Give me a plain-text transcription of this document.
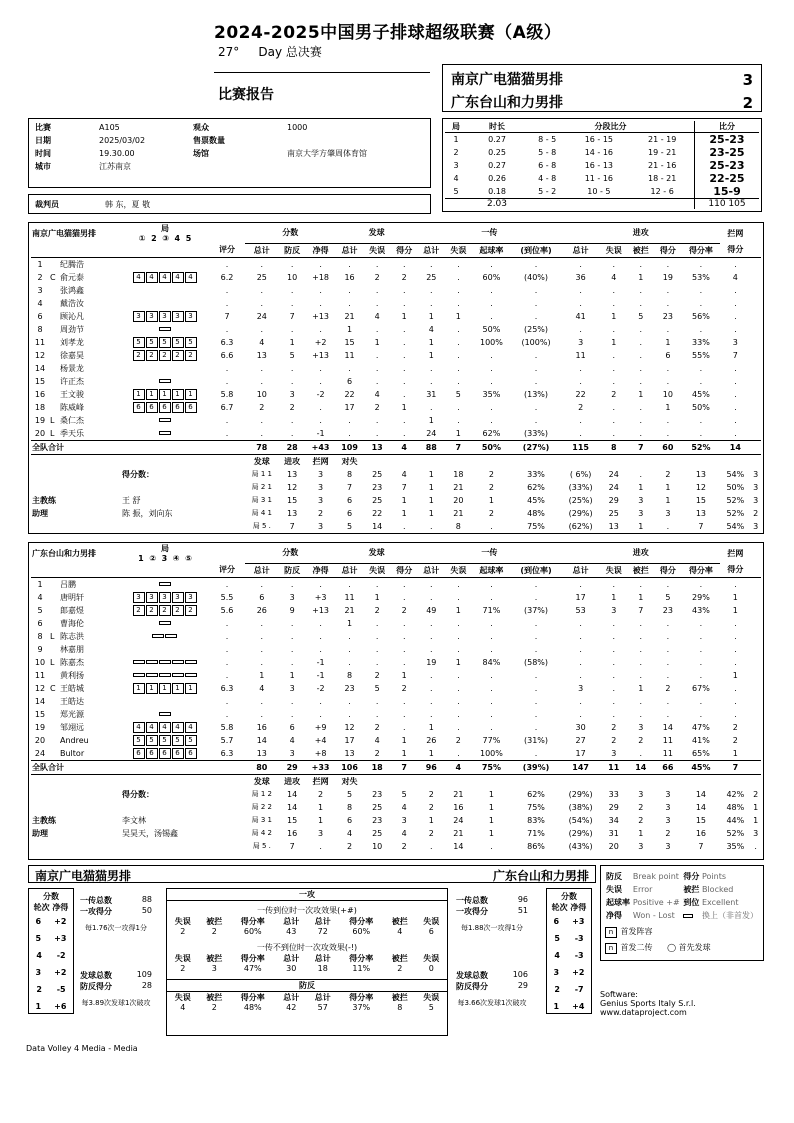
2024-2025中国男子排球超级联赛（A级）
27° Day 总决赛
比赛报告
南京广电猫猫男排	3
广东台山和力男排	2
比赛	A105	观众	1000
日期	2025/03/02	售票数量	
时间	19.30.00	场馆	南京大学方肇周体育馆
城市	江苏南京		
裁判员	韩 东，夏 敬
局	时长	分段比分			比分
1	0.27	8 - 5	16 - 15	21 - 19	25-23
2	0.25	5 - 8	14 - 16	19 - 21	23-25
3	0.27	6 - 8	16 - 13	21 - 16	25-23
4	0.26	4 - 8	11 - 16	18 - 21	22-25
5	0.18	5 - 2	10 - 5	12 - 6	15-9
	2.03				110 105
南京广电猫猫男排		局
①  2  ③  4  5		分数			发球			一传				进攻					拦网	
			评分	总计	防反	净得	总计	失误	得分	总计	失误	起球率	(到位率)	总计	失误	被拦	得分	得分率	得分	
1	纪腾浩		.	.	.	.	.	.	.	.	.	.	.	.	.	.	.	.	.	
2	C 俞元泰	4 4 4 4 4	6.2	25	10	+18	16	2	2	25	.	60%	(40%)	36	4	1	19	53%	4	
3	张鸿鑫		.	.	.	.	.	.	.	.	.	.	.	.	.	.	.	.	.	
4	戴浩汝		.	.	.	.	.	.	.	.	.	.	.	.	.	.	.	.	.	
6	顾沁凡	3 3 3 3 3	7	24	7	+13	21	4	1	1	1	.	.	41	1	5	23	56%	.	
8	周劲节		.	.	.	.	1	.	.	4	.	50%	(25%)	.	.	.	.	.	.	
11	刘孝龙	5 5 5 5 5	6.3	4	1	+2	15	1	.	1	.	100%	(100%)	3	1	.	1	33%	3	
12	徐嘉昊	2 2 2 2 2	6.6	13	5	+13	11	.	.	1	.	.	.	11	.	.	6	55%	7	
14	杨景龙		.	.	.	.	.	.	.	.	.	.	.	.	.	.	.	.	.	
15	许正杰		.	.	.	.	6	.	.	.	.	.	.	.	.	.	.	.	.	
16	王文骏	1 1 1 1 1	5.8	10	3	-2	22	4	.	31	5	35%	(13%)	22	2	1	10	45%	.	
18	陈威峰	6 6 6 6 6	6.7	2	2	.	17	2	1	.	.	.	.	2	.	.	1	50%	.	
19	L 桑仁杰		.	.	.	.	.	.	.	1	.	.	.	.	.	.	.	.	.	
20	L 季天乐		.	.	.	-1	.	.	.	24	1	62%	(33%)	.	.	.	.	.	.	
全队合计				78	28	+43	109	13	4	88	7	50%	(27%)	115	8	7	60	52%	14	
				发球	进攻	拦网	对失													
		得分数：		局 1 1	13	3	8	25	4	1	18	2	33%	( 6%)	24	.	2	13	54%	3
				局 2 1	12	3	7	23	7	1	21	2	62%	(33%)	24	1	1	12	50%	3
主教练		王 舒		局 3 1	15	3	6	25	1	1	20	1	45%	(25%)	29	3	1	15	52%	3
助理		陈 振，刘向东		局 4 1	13	2	6	22	1	1	21	2	48%	(29%)	25	3	3	13	52%	2
				局 5 .	7	3	5	14	.	.	8	.	75%	(62%)	13	1	.	7	54%	3
广东台山和力男排		局
1  ②  3  ④  ⑤		分数			发球			一传				进攻					拦网	
			评分	总计	防反	净得	总计	失误	得分	总计	失误	起球率	(到位率)	总计	失误	被拦	得分	得分率	得分	
1	吕鹏		.	.	.	.	.	.	.	.	.	.	.	.	.	.	.	.	.	
4	唐明轩	3 3 3 3 3	5.5	6	3	+3	11	1	.	.	.	.	.	17	1	1	5	29%	1	
5	郎嘉煜	2 2 2 2 2	5.6	26	9	+13	21	2	2	49	1	71%	(37%)	53	3	7	23	43%	1	
6	曹海伦		.	.	.	.	1	.	.	.	.	.	.	.	.	.	.	.	.	
8	L 陈志洪		.	.	.	.	.	.	.	.	.	.	.	.	.	.	.	.	.	
9	林嘉朋		.	.	.	.	.	.	.	.	.	.	.	.	.	.	.	.	.	
10	L 陈嘉杰		.	.	.	-1	.	.	.	19	1	84%	(58%)	.	.	.	.	.	.	
11	黄利扬		.	1	1	-1	8	2	1	.	.	.	.	.	.	.	.	.	1	
12	C 王皓城	1 1 1 1 1	6.3	4	3	-2	23	5	2	.	.	.	.	3	.	1	2	67%	.	
14	王皓达		.	.	.	.	.	.	.	.	.	.	.	.	.	.	.	.	.	
15	郑光源		.	.	.	.	.	.	.	.	.	.	.	.	.	.	.	.	.	
19	邹翊远	4 4 4 4 4	5.8	16	6	+9	12	2	.	1	.	.	.	30	2	3	14	47%	2	
20	Andreu	5 5 5 5 5	5.7	14	4	+4	17	4	1	26	2	77%	(31%)	27	2	2	11	41%	2	
24	Bultor	6 6 6 6 6	6.3	13	3	+8	13	2	1	1	.	100%	.	17	3	.	11	65%	1	
全队合计				80	29	+33	106	18	7	96	4	75%	(39%)	147	11	14	66	45%	7	
				发球	进攻	拦网	对失													
		得分数：		局 1 2	14	2	5	23	5	2	21	1	62%	(29%)	33	3	3	14	42%	2
				局 2 2	14	1	8	25	4	2	16	1	75%	(38%)	29	2	3	14	48%	1
主教练		李文林		局 3 1	15	1	6	23	3	1	24	1	83%	(54%)	34	2	3	15	44%	1
助理		吴昊天，汤锡鑫		局 4 2	16	3	4	25	4	2	21	1	71%	(29%)	31	1	2	16	52%	3
				局 5 .	7	.	2	10	2	.	14	.	86%	(43%)	20	3	3	7	35%	.
南京广电猫猫男排	广东台山和力男排
分数
轮次 净得
6 +2
5 +3
4 -2
3 +2
2 -5
1 +6
一传总数	88
一攻得分	50
每1.76次一攻得1分
发球总数	109
防反得分	28
每3.89次发球1次破攻
一攻
一传到位时一次攻效果(+#)
失误	被拦	得分率	总计	总计	得分率	被拦	失误
2	2	60%	43	72	60%	4	6
一传不到位时一次攻效果(-!)
失误	被拦	得分率	总计	总计	得分率	被拦	失误
2	3	47%	30	18	11%	2	0
防反
失误	被拦	得分率	总计	总计	得分率	被拦	失误
4	2	48%	42	57	37%	8	5
一传总数	96
一攻得分	51
每1.88次一攻得1分
发球总数	106
防反得分	29
每3.66次发球1次破攻
分数
轮次 净得
6 +3
5 -3
4 -3
3 +2
2 -7
1 +4
防反	Break point	得分	Points
失误	Error	被拦	Blocked
起球率	Positive +#	到位	Excellent
净得	Won - Lost		换上（非首发）
n 首发阵容
n 首发二传 ◯ 首先发球
Software:
Genius Sports Italy S.r.l.
www.dataproject.com
Data Volley 4 Media - Media
